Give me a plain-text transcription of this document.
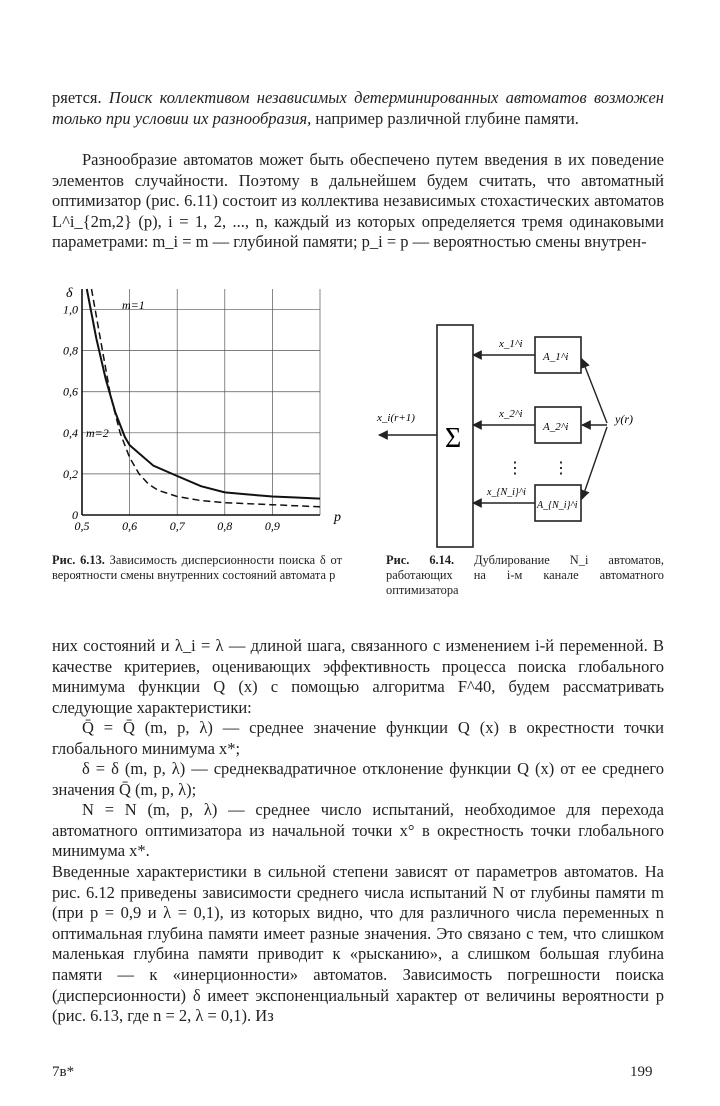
ряется. Поиск коллективом независимых детерминированных автоматов возможен только при условии их разнообразия, например различной глубине памяти.

Разнообразие автоматов может быть обеспечено путем введения в их поведение элементов случайности. Поэтому в дальнейшем будем считать, что автоматный оптимизатор (рис. 6.11) состоит из коллектива независимых стохастических автоматов L^i_{2m,2} (p), i = 1, 2, ..., n, каждый из которых определяется тремя одинаковыми параметрами: m_i = m — глубиной памяти; p_i = p — вероятностью смены внутрен-

0
0,2
0,4
0,6
0,8
1,0
0,5	0,6	0,7	0,8	0,9
δ
p
m=1
m=2

Рис. 6.13. Зависимость дисперсионности поиска δ от вероятности смены внутренних состояний автомата p

Σ
x_i(r+1)
A_1^i
A_2^i
A_{N_i}^i
x_1^i
x_2^i
x_{N_i}^i
⋮ ⋮
y(r)

Рис. 6.14. Дублирование N_i автоматов, работающих на i-м канале автоматного оптимизатора

них состояний и λ_i = λ — длиной шага, связанного с изменением i-й переменной. В качестве критериев, оценивающих эффективность процесса поиска глобального минимума функции Q (x) с помощью алгоритма F^40, будем рассматривать следующие характеристики:

Q̄ = Q̄ (m, p, λ) — среднее значение функции Q (x) в окрестности точки глобального минимума x*;

δ = δ (m, p, λ) — среднеквадратичное отклонение функции Q (x) от ее среднего значения Q̄ (m, p, λ);

N = N (m, p, λ) — среднее число испытаний, необходимое для перехода автоматного оптимизатора из начальной точки x° в окрестность точки глобального минимума x*.

Введенные характеристики в сильной степени зависят от параметров автоматов. На рис. 6.12 приведены зависимости среднего числа испытаний N от глубины памяти m (при p = 0,9 и λ = 0,1), из которых видно, что для различного числа переменных n оптимальная глубина памяти имеет разные значения. Это связано с тем, что слишком маленькая глубина памяти приводит к «рысканию», а слишком большая глубина памяти — к «инерционности» автоматов. Зависимость погрешности поиска (дисперсионности) δ имеет экспоненциальный характер от величины вероятности p (рис. 6.13, где n = 2, λ = 0,1). Из

7в*	199
